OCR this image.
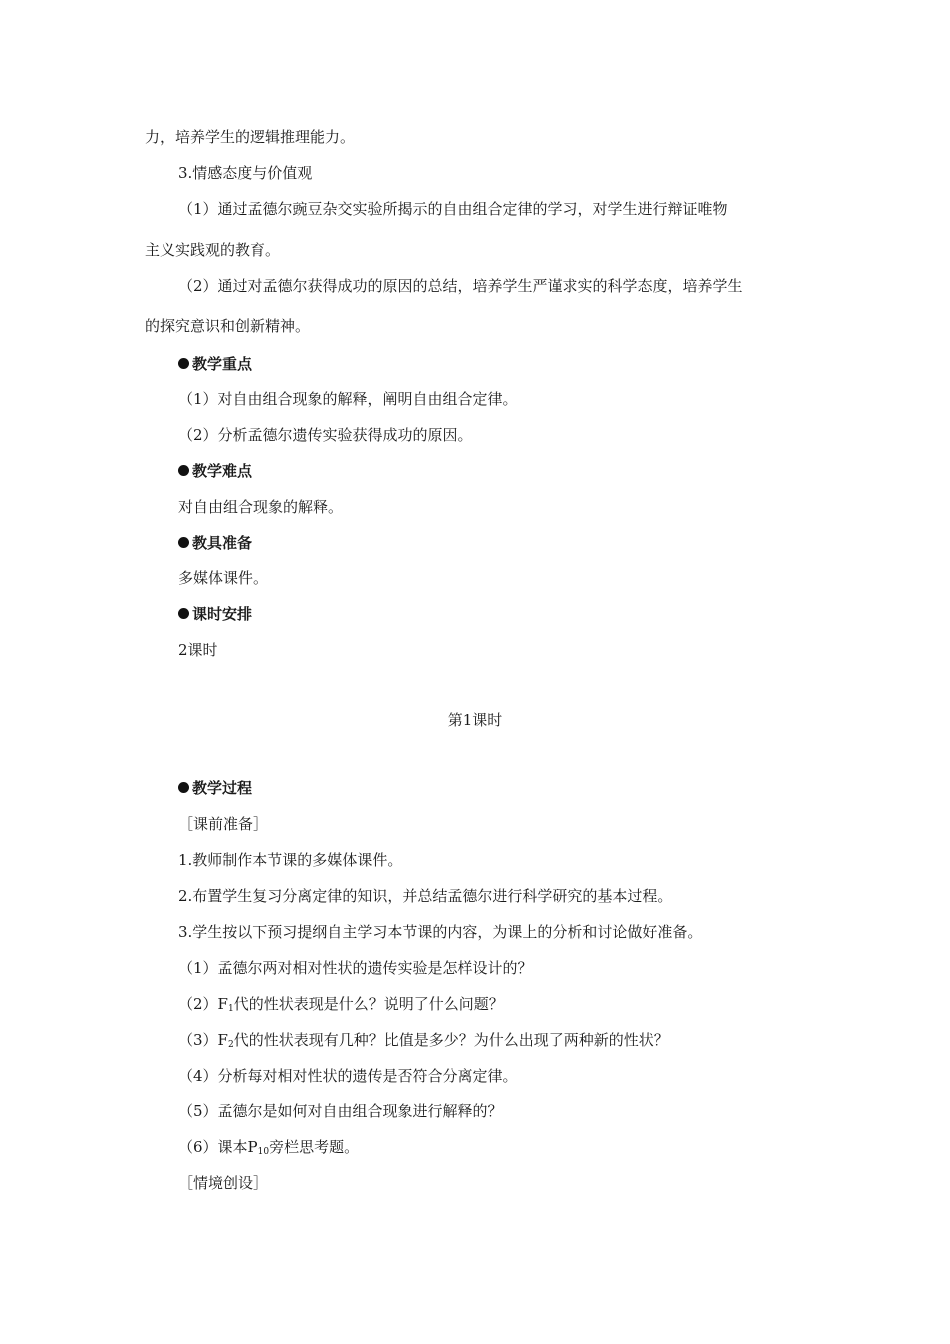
力，培养学生的逻辑推理能力。
3.情感态度与价值观
（1）通过孟德尔豌豆杂交实验所揭示的自由组合定律的学习，对学生进行辩证唯物
主义实践观的教育。
（2）通过对孟德尔获得成功的原因的总结，培养学生严谨求实的科学态度，培养学生
的探究意识和创新精神。
教学重点
（1）对自由组合现象的解释，阐明自由组合定律。
（2）分析孟德尔遗传实验获得成功的原因。
教学难点
对自由组合现象的解释。
教具准备
多媒体课件。
课时安排
2课时
第1课时
教学过程
［课前准备］
1.教师制作本节课的多媒体课件。
2.布置学生复习分离定律的知识，并总结孟德尔进行科学研究的基本过程。
3.学生按以下预习提纲自主学习本节课的内容，为课上的分析和讨论做好准备。
（1）孟德尔两对相对性状的遗传实验是怎样设计的？
$(2)F_1$代的性状表现是什么？说明了什么问题？
$(3)F_2$代的性状表现有几种？比值是多少？为什么出现了两种新的性状？
（4）分析每对相对性状的遗传是否符合分离定律。
（5）孟德尔是如何对自由组合现象进行解释的？
（6）课本$P_{10}$旁栏思考题。
［情境创设］
